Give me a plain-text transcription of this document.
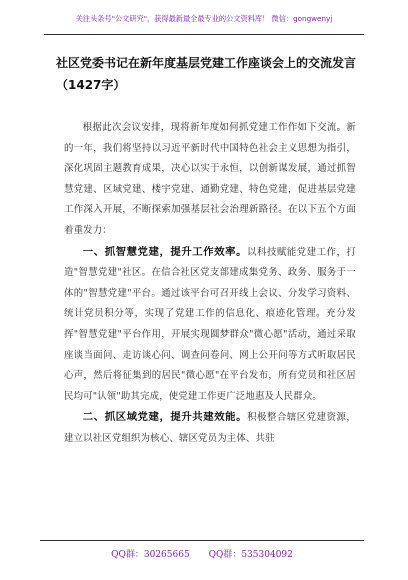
关注头条号"公文研究"，获得最新最全最专业的公文资料库！ 微信：gongwenyj
社区党委书记在新年度基层党建工作座谈会上的交流发言
（1427字）

根据此次会议安排，现将新年度如何抓党建工作作如下交流。新的一年，我们将坚持以习近平新时代中国特色社会主义思想为指引，深化巩固主题教育成果，决心以实于永恒，以创新谋发展，通过抓智慧党建、区域党建、楼宇党建、通勤党建、特色党建，促进基层党建工作深入开展，不断探索加强基层社会治理新路径。在以下五个方面着重发力：

一、抓智慧党建，提升工作效率。以科技赋能党建工作，打造"智慧党建"社区。在信合社区党支部建成集党务、政务、服务于一体的"智慧党建"平台。通过该平台可召开线上会议、分发学习资料、统计党员积分等，实现了党建工作的信息化、痕迹化管理。充分发挥"智慧党建"平台作用，开展实现圆梦群众"微心愿"活动，通过采取座谈当面问、走访谈心问、调查问卷问、网上公开问等方式听取居民心声，然后将征集到的居民"微心愿"在平台发布，所有党员和社区居民均可"认领"助其完成，使党建工作更广泛地惠及人民群众。

二、抓区域党建，提升共建效能。积极整合辖区党建资源，建立以社区党组织为核心、辖区党员为主体、共驻

QQ群：30265665 QQ群：535304092
